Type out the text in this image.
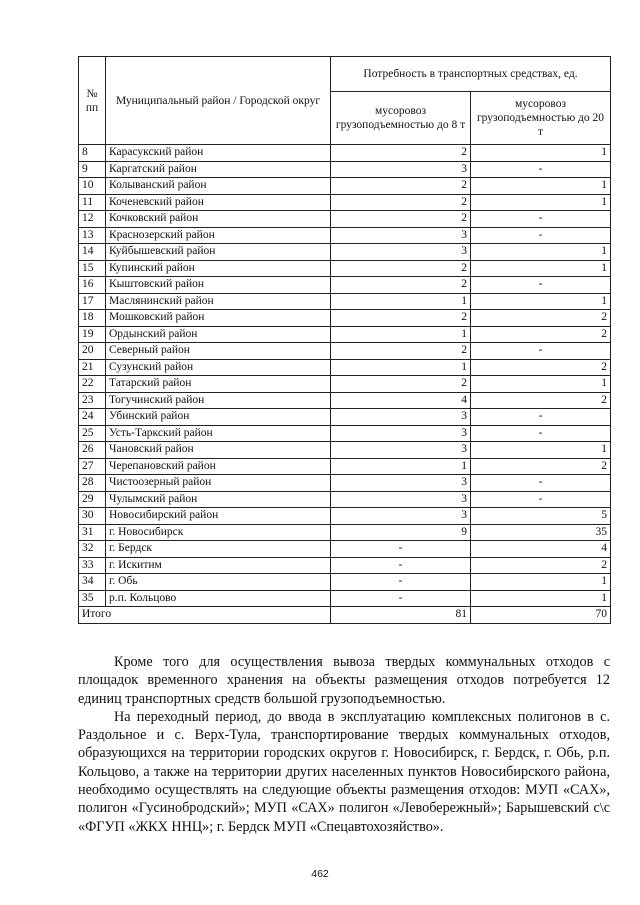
№
пп	Муниципальный район / Городской округ	Потребность в транспортных средствах, ед.	
		мусоровоз грузоподъемностью до 8 т	мусоровоз грузоподъемностью до 20 т
8	Карасукский район	2	1
9	Каргатский район	3	-
10	Колыванский район	2	1
11	Коченевский район	2	1
12	Кочковский район	2	-
13	Краснозерский район	3	-
14	Куйбышевский район	3	1
15	Купинский район	2	1
16	Кыштовский район	2	-
17	Маслянинский район	1	1
18	Мошковский район	2	2
19	Ордынский район	1	2
20	Северный район	2	-
21	Сузунский район	1	2
22	Татарский район	2	1
23	Тогучинский район	4	2
24	Убинский район	3	-
25	Усть-Таркский район	3	-
26	Чановский район	3	1
27	Черепановский район	1	2
28	Чистоозерный район	3	-
29	Чулымский район	3	-
30	Новосибирский район	3	5
31	г. Новосибирск	9	35
32	г. Бердск	-	4
33	г. Искитим	-	2
34	г. Обь	-	1
35	р.п. Кольцово	-	1
Итого		81	70

Кроме того для осуществления вывоза твердых коммунальных отходов с площадок временного хранения на объекты размещения отходов потребуется 12 единиц транспортных средств большой грузоподъемностью.

На переходный период, до ввода в эксплуатацию комплексных полигонов в с. Раздольное и с. Верх-Тула, транспортирование твердых коммунальных отходов, образующихся на территории городских округов г. Новосибирск, г. Бердск, г. Обь, р.п. Кольцово, а также на территории других населенных пунктов Новосибирского района, необходимо осуществлять на следующие объекты размещения отходов: МУП «САХ», полигон «Гусинобродский»; МУП «САХ» полигон «Левобережный»; Барышевский с\с «ФГУП «ЖКХ ННЦ»; г. Бердск МУП «Спецавтохозяйство».

462
